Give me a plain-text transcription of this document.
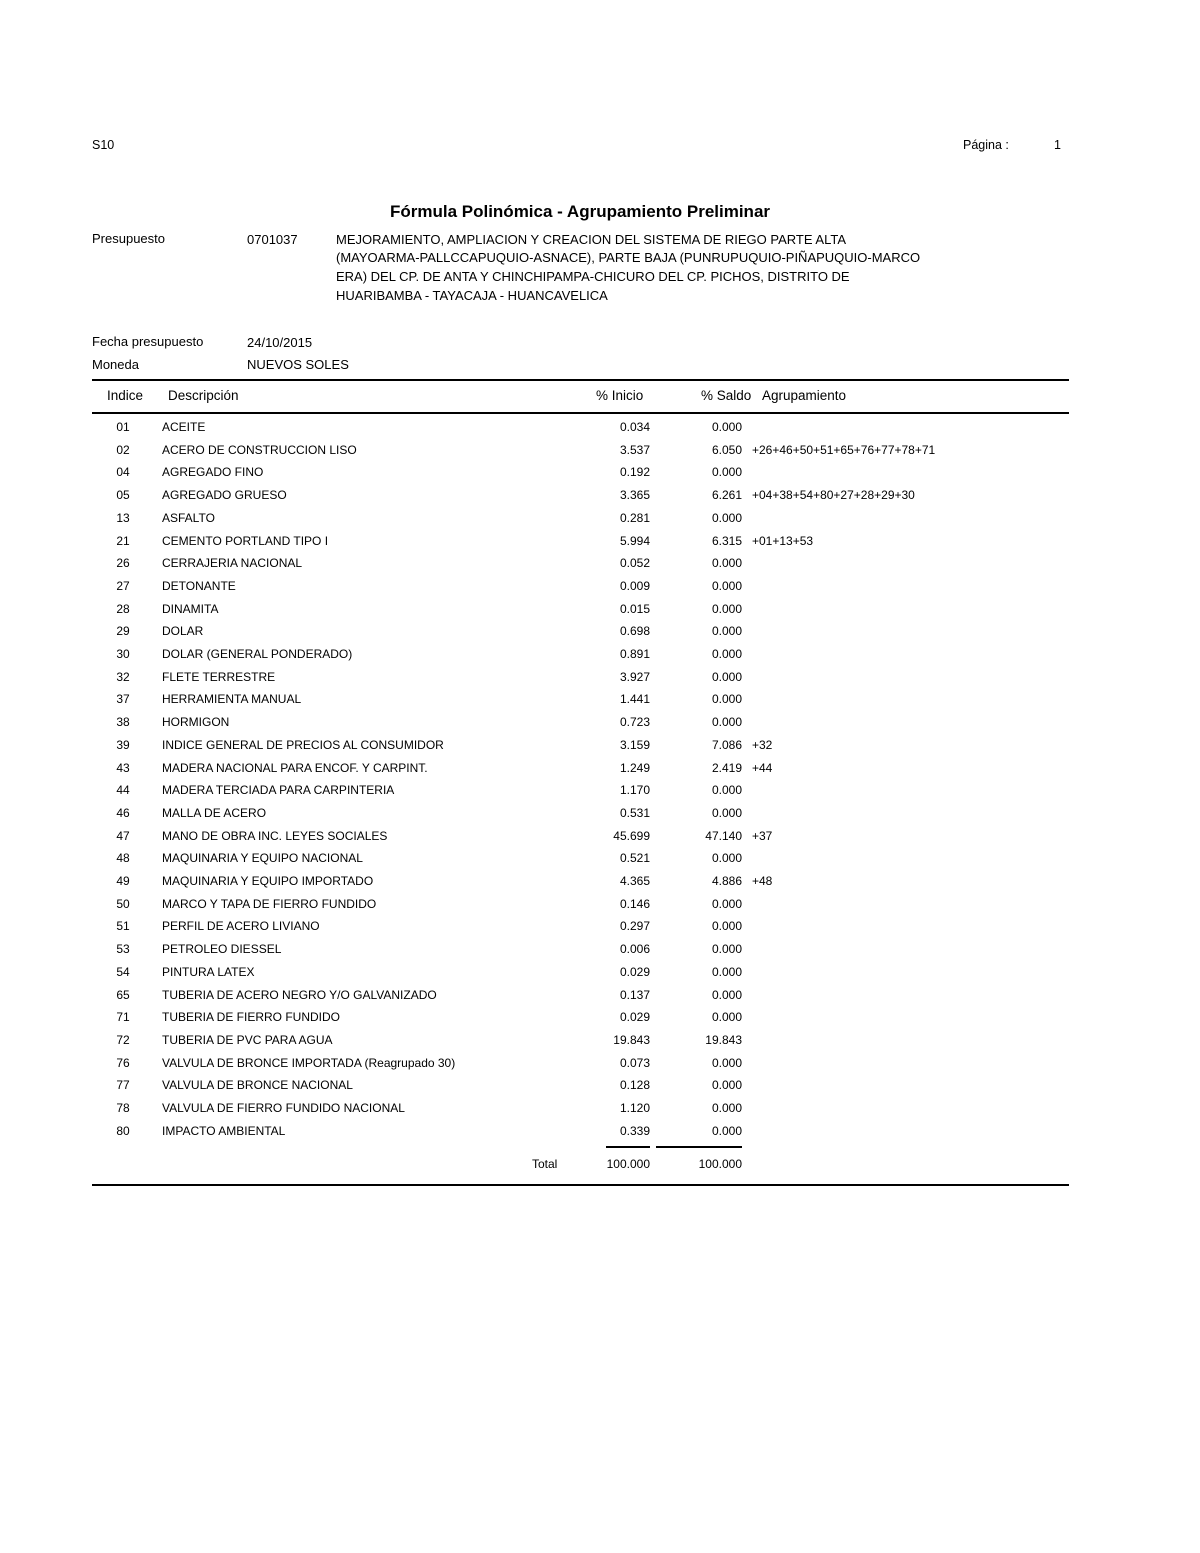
S10	Página :	1
Fórmula Polinómica - Agrupamiento Preliminar
Presupuesto	0701037	MEJORAMIENTO, AMPLIACION Y CREACION DEL SISTEMA DE RIEGO PARTE ALTA
(MAYOARMA-PALLCCAPUQUIO-ASNACE), PARTE BAJA (PUNRUPUQUIO-PIÑAPUQUIO-MARCO
ERA) DEL CP. DE ANTA Y CHINCHIPAMPA-CHICURO DEL CP. PICHOS, DISTRITO DE
HUARIBAMBA - TAYACAJA - HUANCAVELICA
Fecha presupuesto	24/10/2015
Moneda	NUEVOS SOLES
Indice Descripción	% Inicio	% Saldo Agrupamiento
01	ACEITE	0.034	0.000
02	ACERO DE CONSTRUCCION LISO	3.537	6.050 +26+46+50+51+65+76+77+78+71
04	AGREGADO FINO	0.192	0.000
05	AGREGADO GRUESO	3.365	6.261 +04+38+54+80+27+28+29+30
13	ASFALTO	0.281	0.000
21	CEMENTO PORTLAND TIPO I	5.994	6.315 +01+13+53
26	CERRAJERIA NACIONAL	0.052	0.000
27	DETONANTE	0.009	0.000
28	DINAMITA	0.015	0.000
29	DOLAR	0.698	0.000
30	DOLAR (GENERAL PONDERADO)	0.891	0.000
32	FLETE TERRESTRE	3.927	0.000
37	HERRAMIENTA MANUAL	1.441	0.000
38	HORMIGON	0.723	0.000
39	INDICE GENERAL DE PRECIOS AL CONSUMIDOR	3.159	7.086 +32
43	MADERA NACIONAL PARA ENCOF. Y CARPINT.	1.249	2.419 +44
44	MADERA TERCIADA PARA CARPINTERIA	1.170	0.000
46	MALLA DE ACERO	0.531	0.000
47	MANO DE OBRA INC. LEYES SOCIALES	45.699	47.140 +37
48	MAQUINARIA Y EQUIPO NACIONAL	0.521	0.000
49	MAQUINARIA Y EQUIPO IMPORTADO	4.365	4.886 +48
50	MARCO Y TAPA DE FIERRO FUNDIDO	0.146	0.000
51	PERFIL DE ACERO LIVIANO	0.297	0.000
53	PETROLEO DIESSEL	0.006	0.000
54	PINTURA LATEX	0.029	0.000
65	TUBERIA DE ACERO NEGRO Y/O GALVANIZADO	0.137	0.000
71	TUBERIA DE FIERRO FUNDIDO	0.029	0.000
72	TUBERIA DE PVC PARA AGUA	19.843	19.843
76	VALVULA DE BRONCE IMPORTADA (Reagrupado 30)	0.073	0.000
77	VALVULA DE BRONCE NACIONAL	0.128	0.000
78	VALVULA DE FIERRO FUNDIDO NACIONAL	1.120	0.000
80	IMPACTO AMBIENTAL	0.339	0.000
Total	100.000	100.000
